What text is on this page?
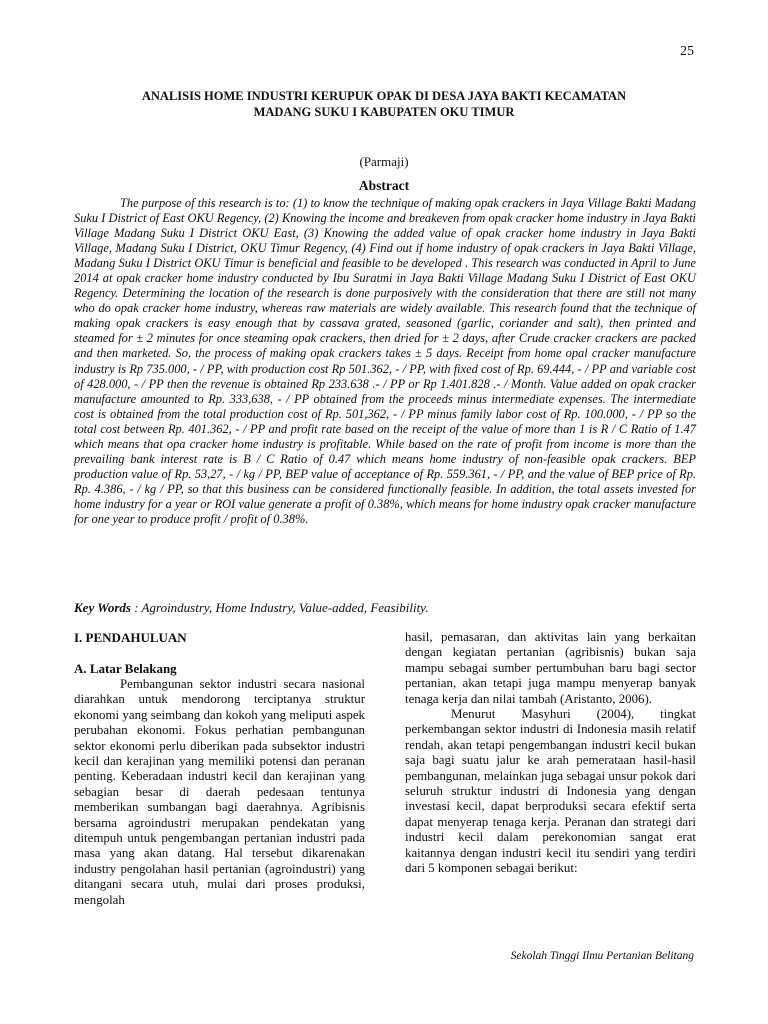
25
ANALISIS HOME INDUSTRI KERUPUK OPAK DI DESA JAYA BAKTI KECAMATAN
MADANG SUKU I KABUPATEN OKU TIMUR
(Parmaji)
Abstract

The purpose of this research is to: (1) to know the technique of making opak crackers in Jaya Village Bakti Madang Suku I District of East OKU Regency, (2) Knowing the income and breakeven from opak cracker home industry in Jaya Bakti Village Madang Suku I District OKU East, (3) Knowing the added value of opak cracker home industry in Jaya Bakti Village, Madang Suku I District, OKU Timur Regency, (4) Find out if home industry of opak crackers in Jaya Bakti Village, Madang Suku I District OKU Timur is beneficial and feasible to be developed . This research was conducted in April to June 2014 at opak cracker home industry conducted by Ibu Suratmi in Jaya Bakti Village Madang Suku I District of East OKU Regency. Determining the location of the research is done purposively with the consideration that there are still not many who do opak cracker home industry, whereas raw materials are widely available. This research found that the technique of making opak crackers is easy enough that by cassava grated, seasoned (garlic, coriander and salt), then printed and steamed for ± 2 minutes for once steaming opak crackers, then dried for ± 2 days, after Crude cracker crackers are packed and then marketed. So, the process of making opak crackers takes ± 5 days. Receipt from home opal cracker manufacture industry is Rp 735.000, - / PP, with production cost Rp 501.362, - / PP, with fixed cost of Rp. 69.444, - / PP and variable cost of 428.000, - / PP then the revenue is obtained Rp 233.638 .- / PP or Rp 1.401.828 .- / Month. Value added on opak cracker manufacture amounted to Rp. 333,638, - / PP obtained from the proceeds minus intermediate expenses. The intermediate cost is obtained from the total production cost of Rp. 501,362, - / PP minus family labor cost of Rp. 100.000, - / PP so the total cost between Rp. 401.362, - / PP and profit rate based on the receipt of the value of more than 1 is R / C Ratio of 1.47 which means that opa cracker home industry is profitable. While based on the rate of profit from income is more than the prevailing bank interest rate is B / C Ratio of 0.47 which means home industry of non-feasible opak crackers. BEP production value of Rp. 53,27, - / kg / PP, BEP value of acceptance of Rp. 559.361, - / PP, and the value of BEP price of Rp. Rp. 4.386, - / kg / PP, so that this business can be considered functionally feasible. In addition, the total assets invested for home industry for a year or ROI value generate a profit of 0.38%, which means for home industry opak cracker manufacture for one year to produce profit / profit of 0.38%.

Key Words : Agroindustry, Home Industry, Value-added, Feasibility.

I. PENDAHULUAN
A. Latar Belakang

Pembangunan sektor industri secara nasional diarahkan untuk mendorong terciptanya struktur ekonomi yang seimbang dan kokoh yang meliputi aspek perubahan ekonomi. Fokus perhatian pembangunan sektor ekonomi perlu diberikan pada subsektor industri kecil dan kerajinan yang memiliki potensi dan peranan penting. Keberadaan industri kecil dan kerajinan yang sebagian besar di daerah pedesaan tentunya memberikan sumbangan bagi daerahnya. Agribisnis bersama agroindustri merupakan pendekatan yang ditempuh untuk pengembangan pertanian industri pada masa yang akan datang. Hal tersebut dikarenakan industry pengolahan hasil pertanian (agroindustri) yang ditangani secara utuh, mulai dari proses produksi, mengolah

hasil, pemasaran, dan aktivitas lain yang berkaitan dengan kegiatan pertanian (agribisnis) bukan saja mampu sebagai sumber pertumbuhan baru bagi sector pertanian, akan tetapi juga mampu menyerap banyak tenaga kerja dan nilai tambah (Aristanto, 2006).

Menurut Masyhuri (2004), tingkat perkembangan sektor industri di Indonesia masih relatif rendah, akan tetapi pengembangan industri kecil bukan saja bagi suatu jalur ke arah pemerataan hasil-hasil pembangunan, melainkan juga sebagai unsur pokok dari seluruh struktur industri di Indonesia yang dengan investasi kecil, dapat berproduksi secara efektif serta dapat menyerap tenaga kerja. Peranan dan strategi dari industri kecil dalam perekonomian sangat erat kaitannya dengan industri kecil itu sendiri yang terdiri dari 5 komponen sebagai berikut:

Sekolah Tinggi Ilmu Pertanian Belitang
